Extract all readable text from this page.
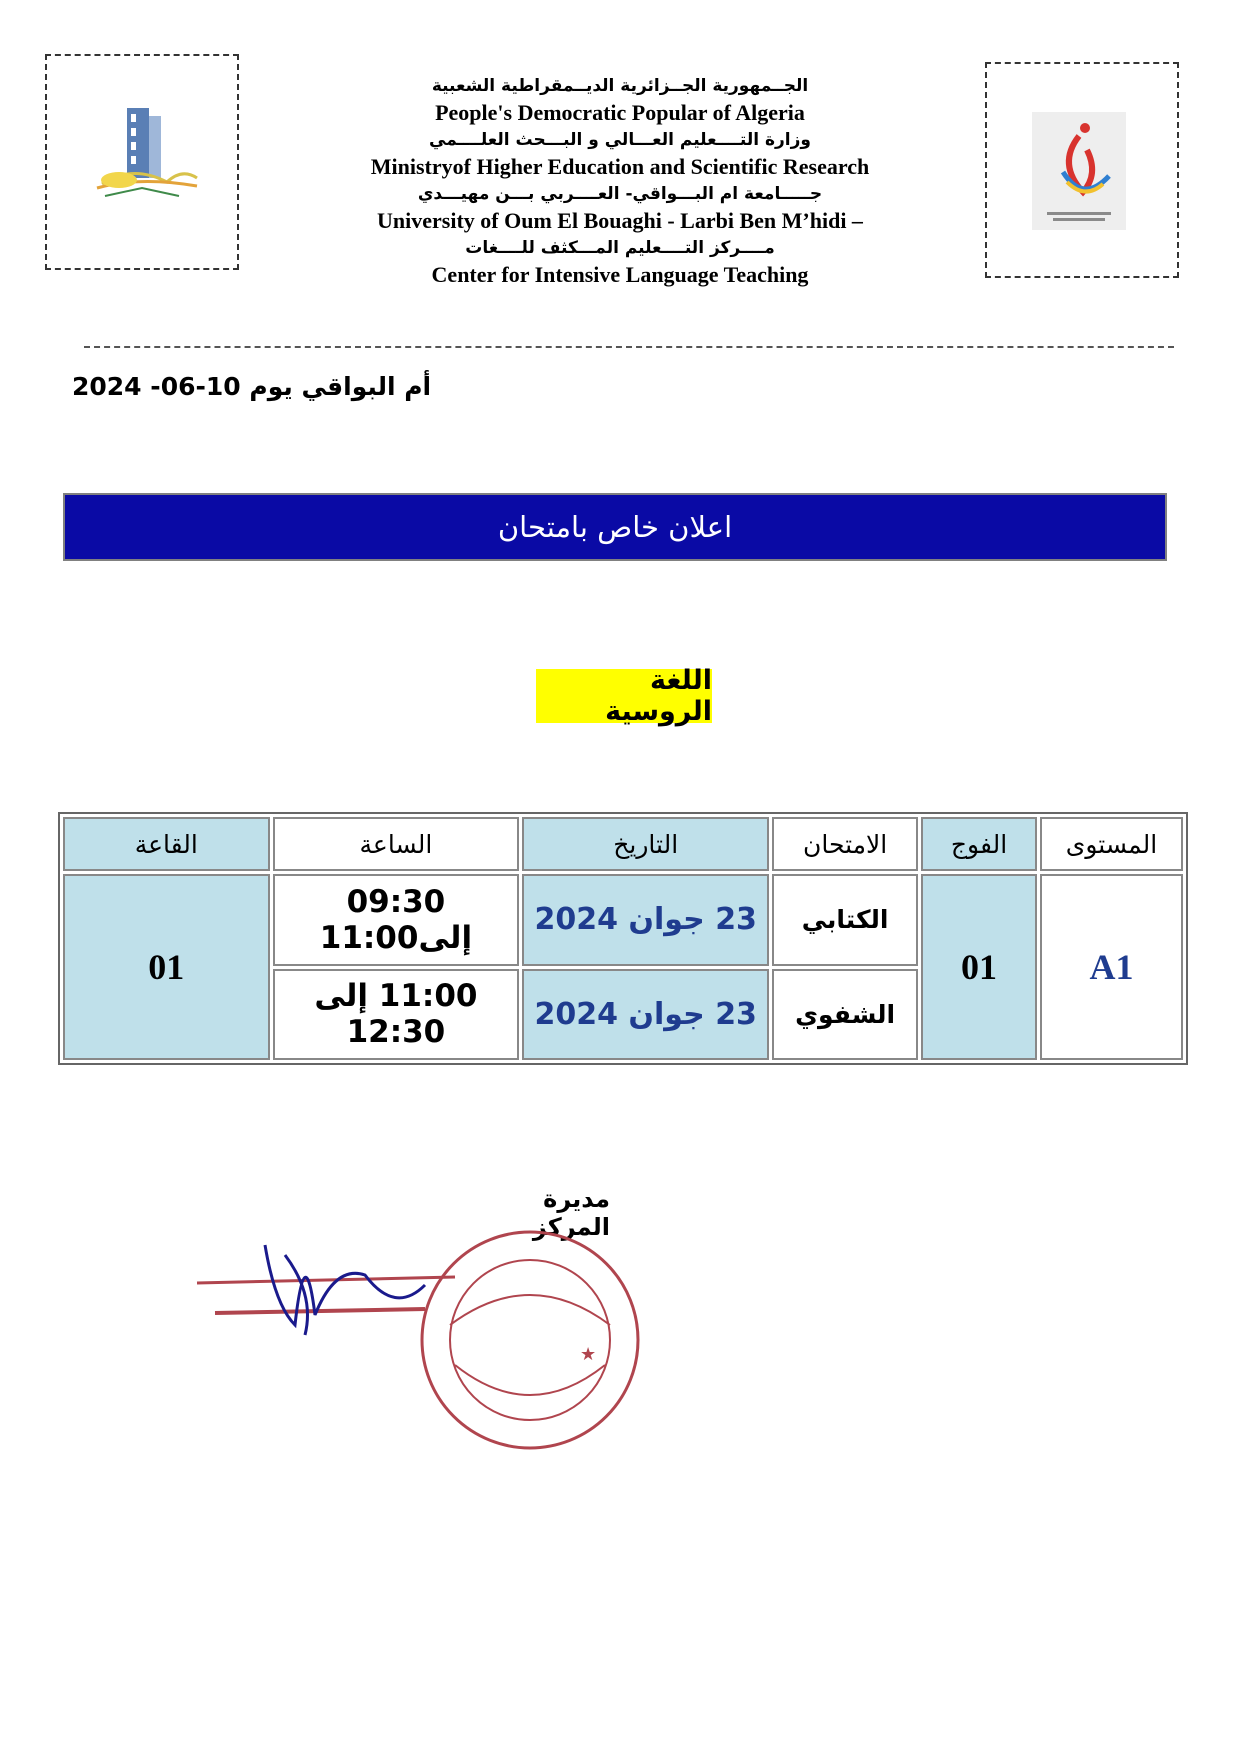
الجــمهورية الجــزائرية الديــمقراطية الشعبية
People's Democratic Popular of Algeria
وزارة التــــعليم العـــالي و البـــحث العلــــمي
Ministryof Higher Education and Scientific Research
جـــــامعة ام البـــواقي- العــــربي بـــن مهيـــدي
University of Oum El Bouaghi - Larbi Ben M’hidi –
مــــركز التــــعليم المـــكثف للــــغات
Center for Intensive Language Teaching
أم البواقي يوم 10-06- 2024
اعلان خاص بامتحان
اللغة الروسية
المستوى	الفوج	الامتحان	التاريخ	الساعة	القاعة
A1	01	الكتابي	23 جوان 2024	09:30 إلى11:00	01
		الشفوي	23 جوان 2024	11:00 إلى 12:30	
مديرة المركز
★
